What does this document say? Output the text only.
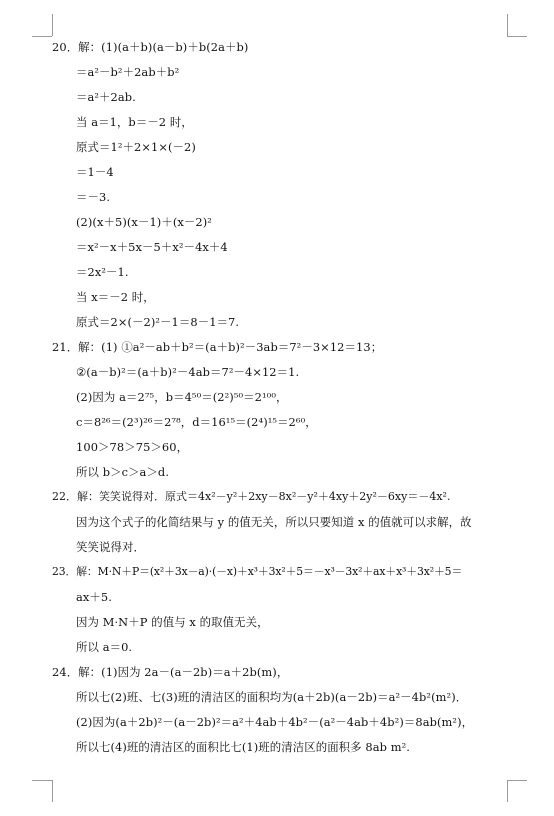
20．解：(1)(a＋b)(a－b)＋b(2a＋b)
＝a²－b²＋2ab＋b²
＝a²＋2ab.
当 a＝1，b＝－2 时，
原式＝1²＋2×1×(－2)
＝1－4
＝－3.
(2)(x＋5)(x－1)＋(x－2)²
＝x²－x＋5x－5＋x²－4x＋4
＝2x²－1.
当 x＝－2 时，
原式＝2×(－2)²－1＝8－1＝7.
21．解：(1) ①a²－ab＋b²＝(a＋b)²－3ab＝7²－3×12＝13；
②(a－b)²＝(a＋b)²－4ab＝7²－4×12＝1.
(2)因为 a＝2⁷⁵，b＝4⁵⁰＝(2²)⁵⁰＝2¹⁰⁰，
c＝8²⁶＝(2³)²⁶＝2⁷⁸，d＝16¹⁵＝(2⁴)¹⁵＝2⁶⁰，
100＞78＞75＞60，
所以 b＞c＞a＞d.
22．解：笑笑说得对．原式＝4x²－y²＋2xy－8x²－y²＋4xy＋2y²－6xy＝－4x².
因为这个式子的化简结果与 y 的值无关，所以只要知道 x 的值就可以求解，故
笑笑说得对．
23．解：M·N＋P＝(x²＋3x－a)·(－x)＋x³＋3x²＋5＝－x³－3x²＋ax＋x³＋3x²＋5＝
ax＋5.
因为 M·N＋P 的值与 x 的取值无关，
所以 a＝0.
24．解：(1)因为 2a－(a－2b)＝a＋2b(m)，
所以七(2)班、七(3)班的清洁区的面积均为(a＋2b)(a－2b)＝a²－4b²(m²)．
(2)因为(a＋2b)²－(a－2b)²＝a²＋4ab＋4b²－(a²－4ab＋4b²)＝8ab(m²)，
所以七(4)班的清洁区的面积比七(1)班的清洁区的面积多 8ab m².
